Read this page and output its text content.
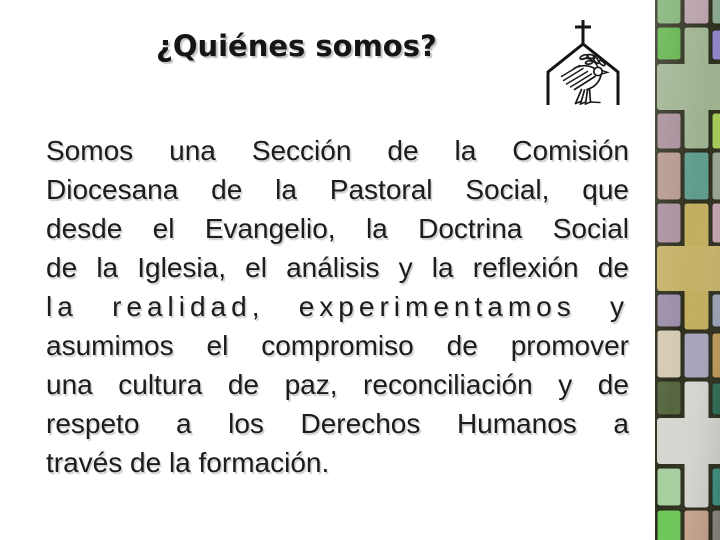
¿Quiénes somos?
Somos una Sección de la Comisión
Diocesana de la Pastoral Social, que
desde el Evangelio, la Doctrina Social
de la Iglesia, el análisis y la reflexión de
la realidad, experimentamos y
asumimos el compromiso de promover
una cultura de paz, reconciliación y de
respeto a los Derechos Humanos a
través de la formación.
